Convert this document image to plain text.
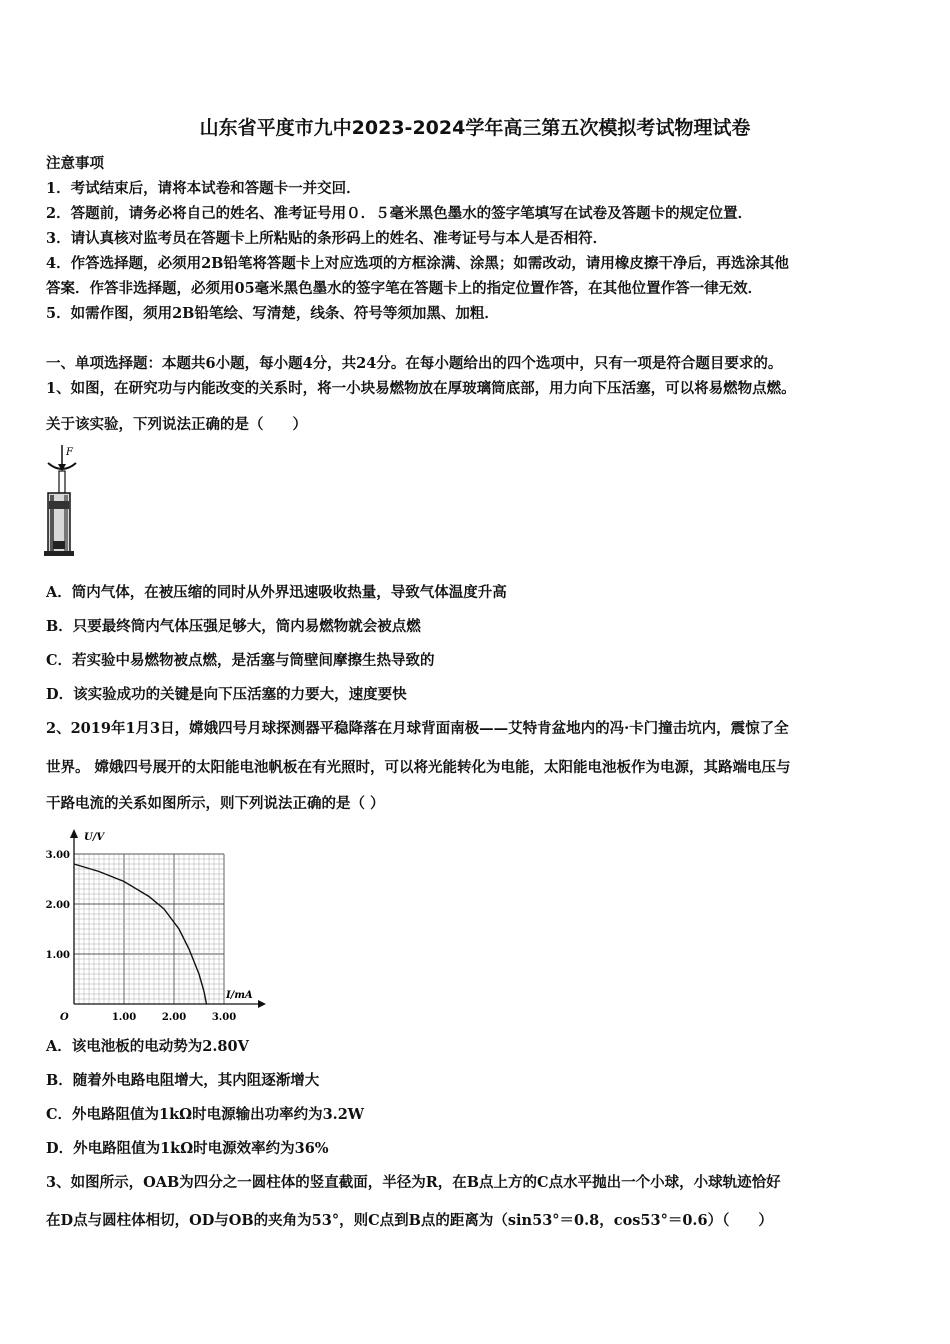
山东省平度市九中2023-2024学年高三第五次模拟考试物理试卷
注意事项
1．考试结束后，请将本试卷和答题卡一并交回．
2．答题前，请务必将自己的姓名、准考证号用０．５毫米黑色墨水的签字笔填写在试卷及答题卡的规定位置．
3．请认真核对监考员在答题卡上所粘贴的条形码上的姓名、准考证号与本人是否相符．
4．作答选择题，必须用2B铅笔将答题卡上对应选项的方框涂满、涂黑；如需改动，请用橡皮擦干净后，再选涂其他
答案．作答非选择题，必须用05毫米黑色墨水的签字笔在答题卡上的指定位置作答，在其他位置作答一律无效．
5．如需作图，须用2B铅笔绘、写清楚，线条、符号等须加黑、加粗．
一、单项选择题：本题共6小题，每小题4分，共24分。在每小题给出的四个选项中，只有一项是符合题目要求的。
1、如图，在研究功与内能改变的关系时，将一小块易燃物放在厚玻璃筒底部，用力向下压活塞，可以将易燃物点燃。
关于该实验，下列说法正确的是（　　）
F
A．筒内气体，在被压缩的同时从外界迅速吸收热量，导致气体温度升高
B．只要最终筒内气体压强足够大，筒内易燃物就会被点燃
C．若实验中易燃物被点燃，是活塞与筒壁间摩擦生热导致的
D．该实验成功的关键是向下压活塞的力要大，速度要快
2、2019年1月3日，嫦娥四号月球探测器平稳降落在月球背面南极——艾特肯盆地内的冯·卡门撞击坑内，震惊了全
世界。 嫦娥四号展开的太阳能电池帆板在有光照时，可以将光能转化为电能，太阳能电池板作为电源，其路端电压与
干路电流的关系如图所示，则下列说法正确的是（ ）
U/V
I/mA
O
1.00
2.00
3.00
1.00	2.00	3.00
A．该电池板的电动势为2.80V
B．随着外电路电阻增大，其内阻逐渐增大
C．外电路阻值为1kΩ时电源输出功率约为3.2W
D．外电路阻值为1kΩ时电源效率约为36%
3、如图所示，OAB为四分之一圆柱体的竖直截面，半径为R，在B点上方的C点水平抛出一个小球，小球轨迹恰好
在D点与圆柱体相切，OD与OB的夹角为53°，则C点到B点的距离为（sin53°＝0.8，cos53°＝0.6）（　　）
